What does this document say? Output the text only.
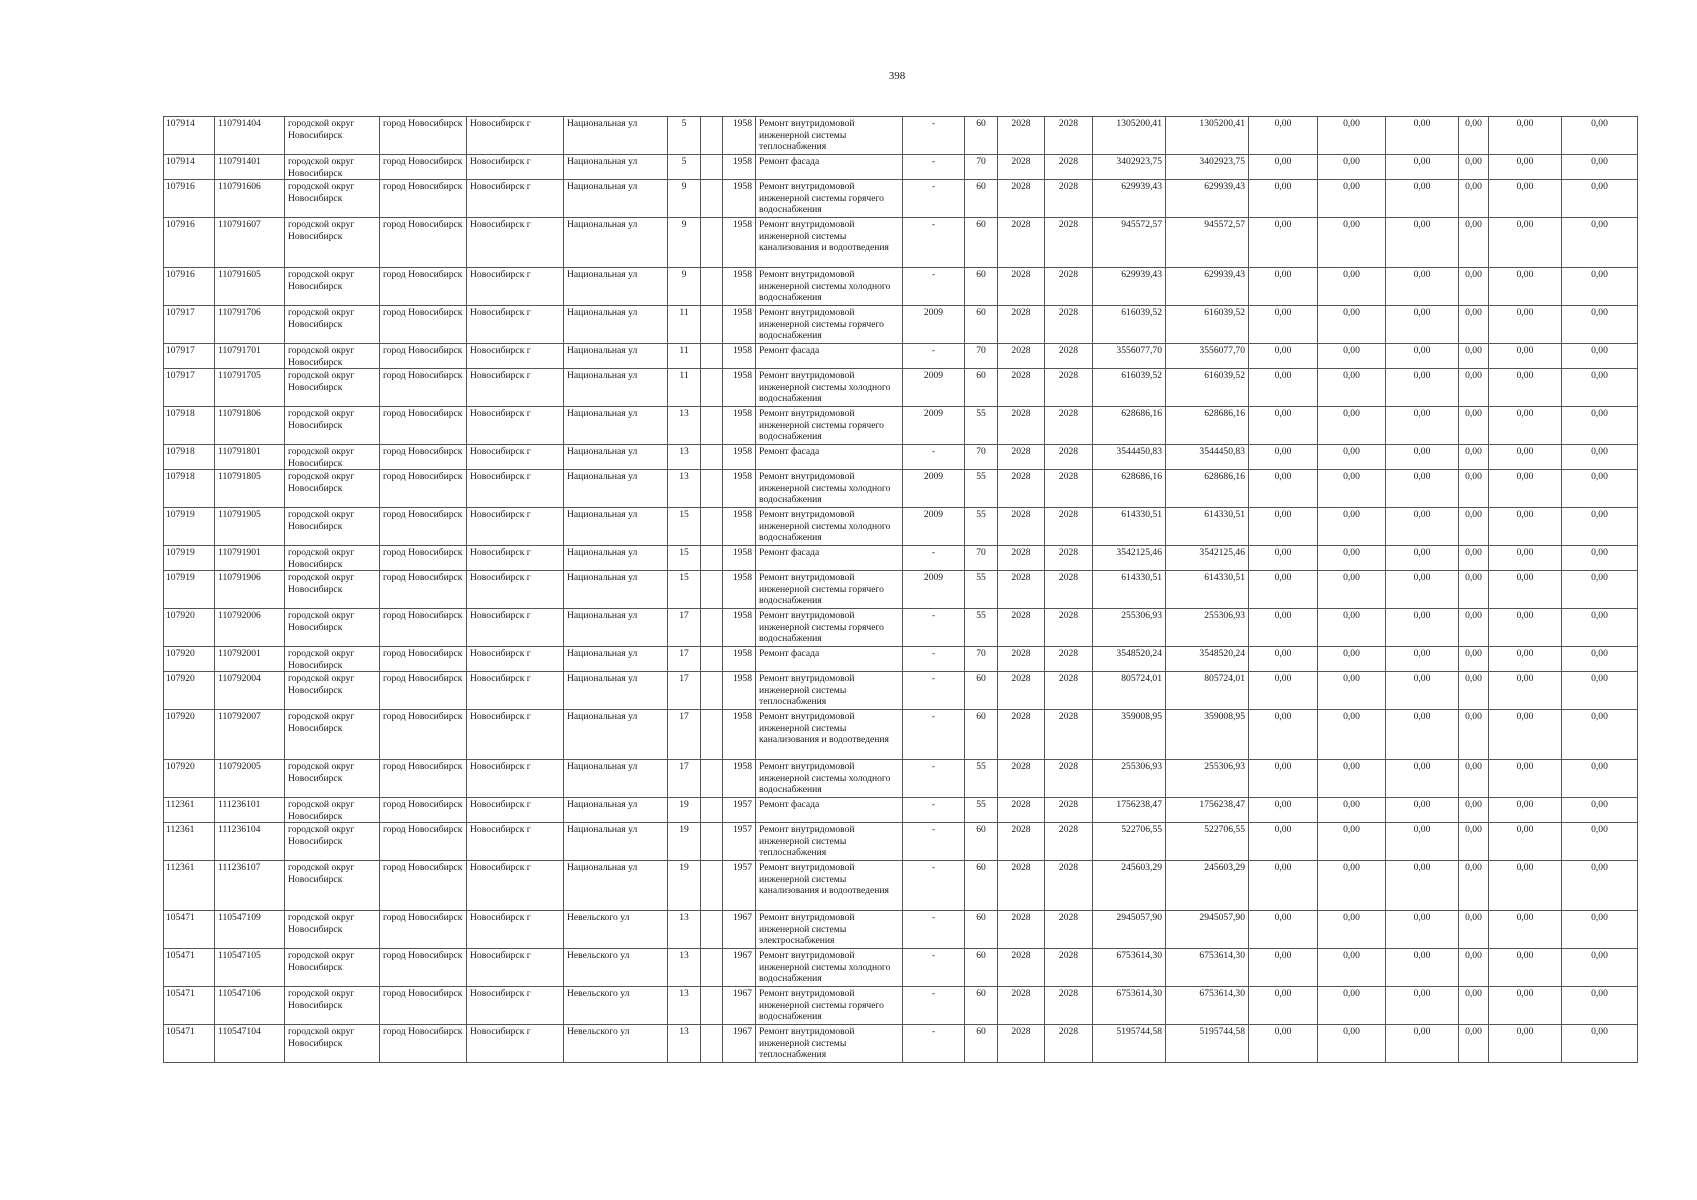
398
107914	110791404	городской округ Новосибирск	город Новосибирск	Новосибирск г	Национальная ул	5		1958	Ремонт внутридомовой инженерной системы теплоснабжения	-	60	2028	2028	1305200,41	1305200,41	0,00	0,00	0,00	0,00	0,00	0,00
107914	110791401	городской округ Новосибирск	город Новосибирск	Новосибирск г	Национальная ул	5		1958	Ремонт фасада	-	70	2028	2028	3402923,75	3402923,75	0,00	0,00	0,00	0,00	0,00	0,00
107916	110791606	городской округ Новосибирск	город Новосибирск	Новосибирск г	Национальная ул	9		1958	Ремонт внутридомовой инженерной системы горячего водоснабжения	-	60	2028	2028	629939,43	629939,43	0,00	0,00	0,00	0,00	0,00	0,00
107916	110791607	городской округ Новосибирск	город Новосибирск	Новосибирск г	Национальная ул	9		1958	Ремонт внутридомовой инженерной системы канализования и водоотведения	-	60	2028	2028	945572,57	945572,57	0,00	0,00	0,00	0,00	0,00	0,00
107916	110791605	городской округ Новосибирск	город Новосибирск	Новосибирск г	Национальная ул	9		1958	Ремонт внутридомовой инженерной системы холодного водоснабжения	-	60	2028	2028	629939,43	629939,43	0,00	0,00	0,00	0,00	0,00	0,00
107917	110791706	городской округ Новосибирск	город Новосибирск	Новосибирск г	Национальная ул	11		1958	Ремонт внутридомовой инженерной системы горячего водоснабжения	2009	60	2028	2028	616039,52	616039,52	0,00	0,00	0,00	0,00	0,00	0,00
107917	110791701	городской округ Новосибирск	город Новосибирск	Новосибирск г	Национальная ул	11		1958	Ремонт фасада	-	70	2028	2028	3556077,70	3556077,70	0,00	0,00	0,00	0,00	0,00	0,00
107917	110791705	городской округ Новосибирск	город Новосибирск	Новосибирск г	Национальная ул	11		1958	Ремонт внутридомовой инженерной системы холодного водоснабжения	2009	60	2028	2028	616039,52	616039,52	0,00	0,00	0,00	0,00	0,00	0,00
107918	110791806	городской округ Новосибирск	город Новосибирск	Новосибирск г	Национальная ул	13		1958	Ремонт внутридомовой инженерной системы горячего водоснабжения	2009	55	2028	2028	628686,16	628686,16	0,00	0,00	0,00	0,00	0,00	0,00
107918	110791801	городской округ Новосибирск	город Новосибирск	Новосибирск г	Национальная ул	13		1958	Ремонт фасада	-	70	2028	2028	3544450,83	3544450,83	0,00	0,00	0,00	0,00	0,00	0,00
107918	110791805	городской округ Новосибирск	город Новосибирск	Новосибирск г	Национальная ул	13		1958	Ремонт внутридомовой инженерной системы холодного водоснабжения	2009	55	2028	2028	628686,16	628686,16	0,00	0,00	0,00	0,00	0,00	0,00
107919	110791905	городской округ Новосибирск	город Новосибирск	Новосибирск г	Национальная ул	15		1958	Ремонт внутридомовой инженерной системы холодного водоснабжения	2009	55	2028	2028	614330,51	614330,51	0,00	0,00	0,00	0,00	0,00	0,00
107919	110791901	городской округ Новосибирск	город Новосибирск	Новосибирск г	Национальная ул	15		1958	Ремонт фасада	-	70	2028	2028	3542125,46	3542125,46	0,00	0,00	0,00	0,00	0,00	0,00
107919	110791906	городской округ Новосибирск	город Новосибирск	Новосибирск г	Национальная ул	15		1958	Ремонт внутридомовой инженерной системы горячего водоснабжения	2009	55	2028	2028	614330,51	614330,51	0,00	0,00	0,00	0,00	0,00	0,00
107920	110792006	городской округ Новосибирск	город Новосибирск	Новосибирск г	Национальная ул	17		1958	Ремонт внутридомовой инженерной системы горячего водоснабжения	-	55	2028	2028	255306,93	255306,93	0,00	0,00	0,00	0,00	0,00	0,00
107920	110792001	городской округ Новосибирск	город Новосибирск	Новосибирск г	Национальная ул	17		1958	Ремонт фасада	-	70	2028	2028	3548520,24	3548520,24	0,00	0,00	0,00	0,00	0,00	0,00
107920	110792004	городской округ Новосибирск	город Новосибирск	Новосибирск г	Национальная ул	17		1958	Ремонт внутридомовой инженерной системы теплоснабжения	-	60	2028	2028	805724,01	805724,01	0,00	0,00	0,00	0,00	0,00	0,00
107920	110792007	городской округ Новосибирск	город Новосибирск	Новосибирск г	Национальная ул	17		1958	Ремонт внутридомовой инженерной системы канализования и водоотведения	-	60	2028	2028	359008,95	359008,95	0,00	0,00	0,00	0,00	0,00	0,00
107920	110792005	городской округ Новосибирск	город Новосибирск	Новосибирск г	Национальная ул	17		1958	Ремонт внутридомовой инженерной системы холодного водоснабжения	-	55	2028	2028	255306,93	255306,93	0,00	0,00	0,00	0,00	0,00	0,00
112361	111236101	городской округ Новосибирск	город Новосибирск	Новосибирск г	Национальная ул	19		1957	Ремонт фасада	-	55	2028	2028	1756238,47	1756238,47	0,00	0,00	0,00	0,00	0,00	0,00
112361	111236104	городской округ Новосибирск	город Новосибирск	Новосибирск г	Национальная ул	19		1957	Ремонт внутридомовой инженерной системы теплоснабжения	-	60	2028	2028	522706,55	522706,55	0,00	0,00	0,00	0,00	0,00	0,00
112361	111236107	городской округ Новосибирск	город Новосибирск	Новосибирск г	Национальная ул	19		1957	Ремонт внутридомовой инженерной системы канализования и водоотведения	-	60	2028	2028	245603,29	245603,29	0,00	0,00	0,00	0,00	0,00	0,00
105471	110547109	городской округ Новосибирск	город Новосибирск	Новосибирск г	Невельского ул	13		1967	Ремонт внутридомовой инженерной системы электроснабжения	-	60	2028	2028	2945057,90	2945057,90	0,00	0,00	0,00	0,00	0,00	0,00
105471	110547105	городской округ Новосибирск	город Новосибирск	Новосибирск г	Невельского ул	13		1967	Ремонт внутридомовой инженерной системы холодного водоснабжения	-	60	2028	2028	6753614,30	6753614,30	0,00	0,00	0,00	0,00	0,00	0,00
105471	110547106	городской округ Новосибирск	город Новосибирск	Новосибирск г	Невельского ул	13		1967	Ремонт внутридомовой инженерной системы горячего водоснабжения	-	60	2028	2028	6753614,30	6753614,30	0,00	0,00	0,00	0,00	0,00	0,00
105471	110547104	городской округ Новосибирск	город Новосибирск	Новосибирск г	Невельского ул	13		1967	Ремонт внутридомовой инженерной системы теплоснабжения	-	60	2028	2028	5195744,58	5195744,58	0,00	0,00	0,00	0,00	0,00	0,00
